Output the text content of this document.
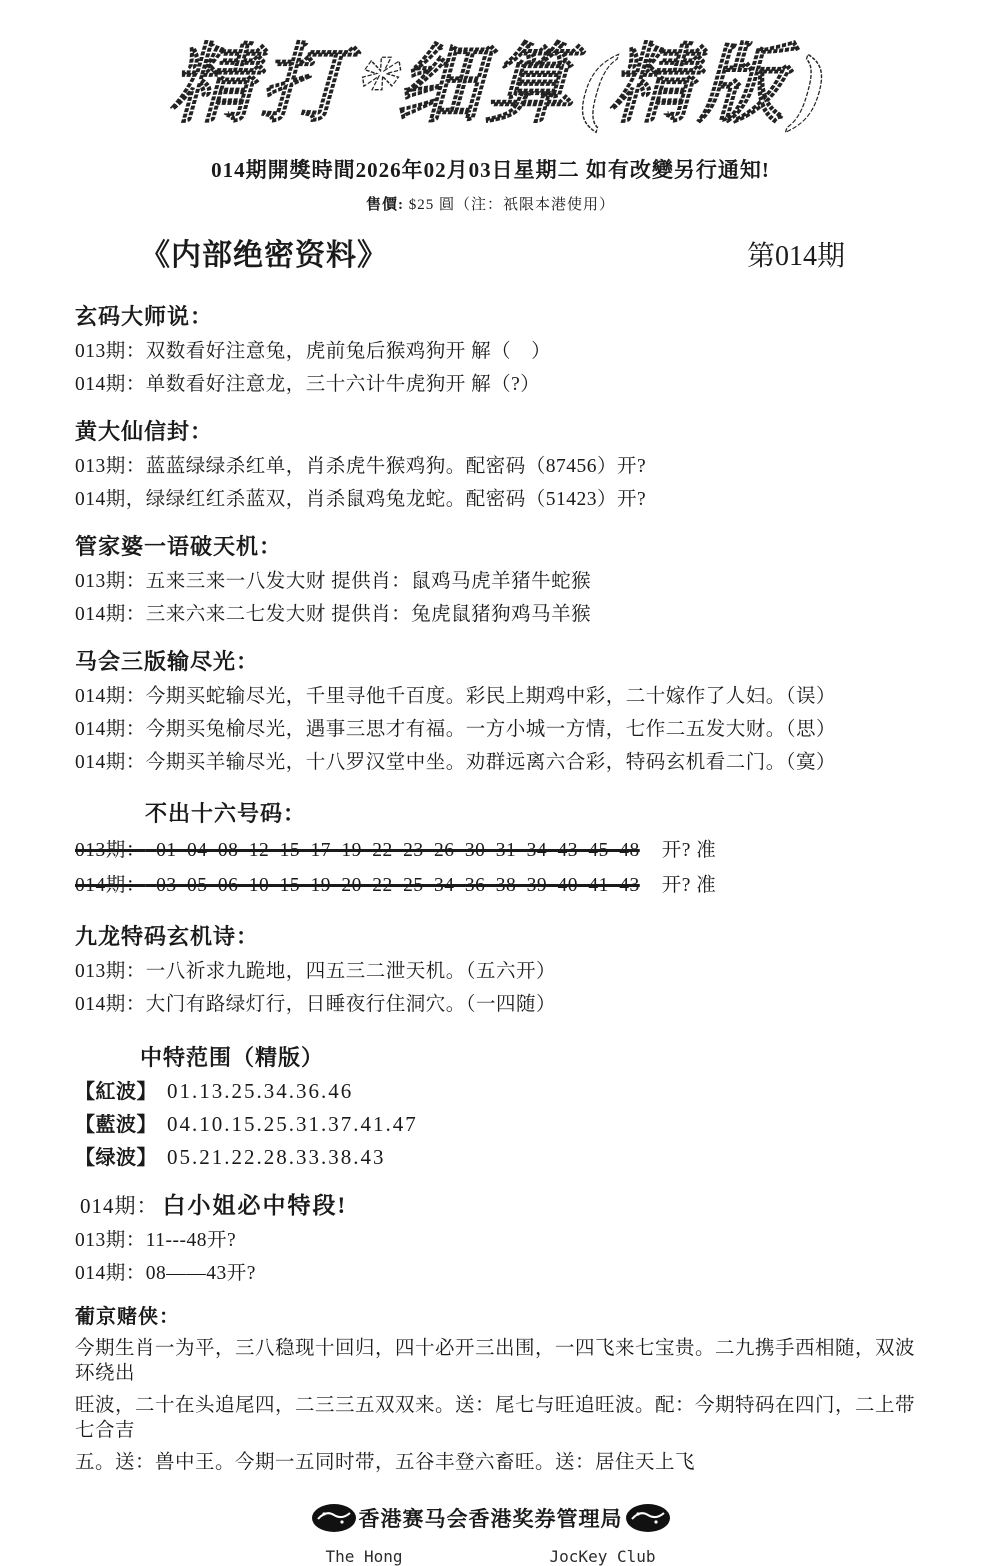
精打*细算(精版)
014期開獎時間2026年02月03日星期二 如有改變另行通知!
售價: $25 圓（注：祇限本港使用）
《内部绝密资料》	第014期
玄码大师说：
013期：双数看好注意兔，虎前兔后猴鸡狗开 解（　）
014期：单数看好注意龙，三十六计牛虎狗开 解（?）
黄大仙信封：
013期：蓝蓝绿绿杀红单，肖杀虎牛猴鸡狗。配密码（87456）开?
014期，绿绿红红杀蓝双，肖杀鼠鸡兔龙蛇。配密码（51423）开?
管家婆一语破天机：
013期：五来三来一八发大财 提供肖：鼠鸡马虎羊猪牛蛇猴
014期：三来六来二七发大财 提供肖：兔虎鼠猪狗鸡马羊猴
马会三版输尽光：
014期：今期买蛇输尽光，千里寻他千百度。彩民上期鸡中彩，二十嫁作了人妇。（误）
014期：今期买兔榆尽光，遇事三思才有福。一方小城一方情，七作二五发大财。（思）
014期：今期买羊输尽光，十八罗汉堂中坐。劝群远离六合彩，特码玄机看二门。（寞）
不出十六号码：
013期： 01 04 08 12 15 17 19 22 23 26 30 31 34 43 45 48 开? 准
014期： 03 05 06 10 15 19 20 22 25 34 36 38 39 40 41 43 开? 准
九龙特码玄机诗：
013期：一八祈求九跪地，四五三二泄天机。（五六开）
014期：大门有路绿灯行，日睡夜行住洞穴。（一四随）
中特范围（精版）
【紅波】 01.13.25.34.36.46
【藍波】 04.10.15.25.31.37.41.47
【绿波】 05.21.22.28.33.38.43
014期： 白小姐必中特段!
013期：11---48开?
014期：08——43开?
葡京赌侠：
今期生肖一为平，三八稳现十回归，四十必开三出围，一四飞来七宝贵。二九携手西相随，双波环绕出
旺波，二十在头追尾四，二三三五双双来。送：尾七与旺追旺波。配：今期特码在四门，二上带七合吉
五。送：兽中王。今期一五同时带，五谷丰登六畜旺。送：居住天上飞
香港赛马会香港奖券管理局
The Hong	JocKey Club
